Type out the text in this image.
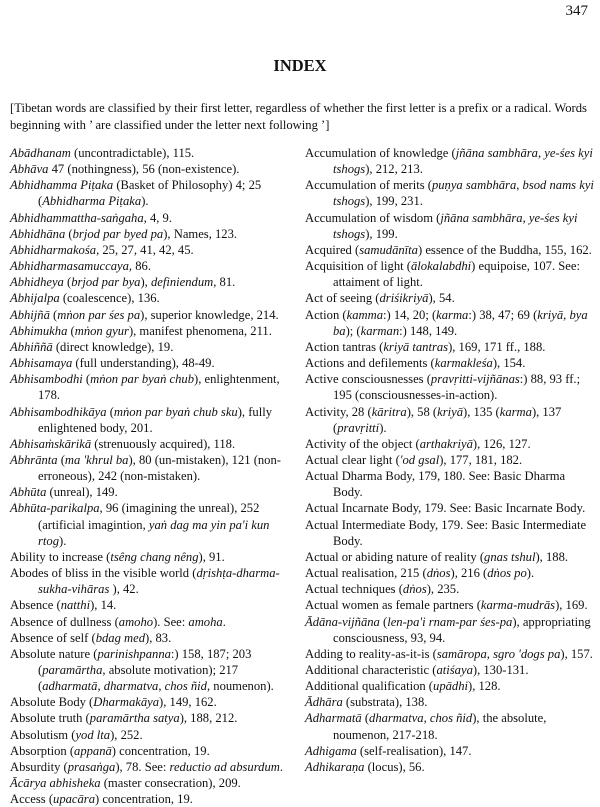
347
INDEX
[Tibetan words are classified by their first letter, regardless of whether the first letter is a prefix or a radical. Words beginning with ’ are classified under the letter next following ’]

Abādhanam (uncontradictable), 115.

Abhāva 47 (nothingness), 56 (non-existence).

Abhidhamma Piṭaka (Basket of Philosophy) 4; 25 (Abhidharma Piṭaka).

Abhidhammattha-saṅgaha, 4, 9.

Abhidhāna (brjod par byed pa), Names, 123.

Abhidharmakośa, 25, 27, 41, 42, 45.

Abhidharmasamuccaya, 86.

Abhidheya (brjod par bya), definiendum, 81.

Abhijalpa (coalescence), 136.

Abhijñā (mṅon par śes pa), superior knowledge, 214.

Abhimukha (mṅon gyur), manifest phenomena, 211.

Abhiññā (direct knowledge), 19.

Abhisamaya (full understanding), 48-49.

Abhisambodhi (mṅon par byaṅ chub), enlightenment, 178.

Abhisambodhikāya (mṅon par byaṅ chub sku), fully enlightened body, 201.

Abhisaṁskārikā (strenuously acquired), 118.

Abhrānta (ma 'khrul ba), 80 (un-mistaken), 121 (non-erroneous), 242 (non-mistaken).

Abhūta (unreal), 149.

Abhūta-parikalpa, 96 (imagining the unreal), 252 (artificial imagintion, yaṅ dag ma yin pa'i kun rtog).

Ability to increase (tsêng chang nêng), 91.

Abodes of bliss in the visible world (dṛishṭa-dharma-sukha-vihāras ), 42.

Absence (natthi), 14.

Absence of dullness (amoho). See: amoha.

Absence of self (bdag med), 83.

Absolute nature (parinishpanna:) 158, 187; 203 (paramārtha, absolute motivation); 217 (adharmatā, dharmatva, chos ñid, noumenon).

Absolute Body (Dharmakāya), 149, 162.

Absolute truth (paramārtha satya), 188, 212.

Absolutism (yod lta), 252.

Absorption (appanā) concentration, 19.

Absurdity (prasaṅga), 78. See: reductio ad absurdum.

Ācārya abhisheka (master consecration), 209.

Access (upacāra) concentration, 19.

Accumulation of knowledge (jñāna sambhāra, ye-śes kyi tshogs), 212, 213.

Accumulation of merits (puṇya sambhāra, bsod nams kyi tshogs), 199, 231.

Accumulation of wisdom (jñāna sambhāra, ye-śes kyi tshogs), 199.

Acquired (samudānīta) essence of the Buddha, 155, 162.

Acquisition of light (ālokalabdhi) equipoise, 107. See: attaiment of light.

Act of seeing (driśikriyā), 54.

Action (kamma:) 14, 20; (karma:) 38, 47; 69 (kriyā, bya ba); (karman:) 148, 149.

Action tantras (kriyā tantras), 169, 171 ff., 188.

Actions and defilements (karmakleśa), 154.

Active consciousnesses (pravṛitti-vijñānas:) 88, 93 ff.; 195 (consciousnesses-in-action).

Activity, 28 (kāritra), 58 (kriyā), 135 (karma), 137 (pravṛitti).

Activity of the object (arthakriyā), 126, 127.

Actual clear light ('od gsal), 177, 181, 182.

Actual Dharma Body, 179, 180. See: Basic Dharma Body.

Actual Incarnate Body, 179. See: Basic Incarnate Body.

Actual Intermediate Body, 179. See: Basic Intermediate Body.

Actual or abiding nature of reality (gnas tshul), 188.

Actual realisation, 215 (dṅos), 216 (dṅos po).

Actual techniques (dṅos), 235.

Actual women as female partners (karma-mudrās), 169.

Ādāna-vijñāna (len-pa'i rnam-par śes-pa), appropriating consciousness, 93, 94.

Adding to reality-as-it-is (samāropa, sgro 'dogs pa), 157.

Additional characteristic (atiśaya), 130-131.

Additional qualification (upādhi), 128.

Ādhāra (substrata), 138.

Adharmatā (dharmatva, chos ñid), the absolute, noumenon, 217-218.

Adhigama (self-realisation), 147.

Adhikaraṇa (locus), 56.
